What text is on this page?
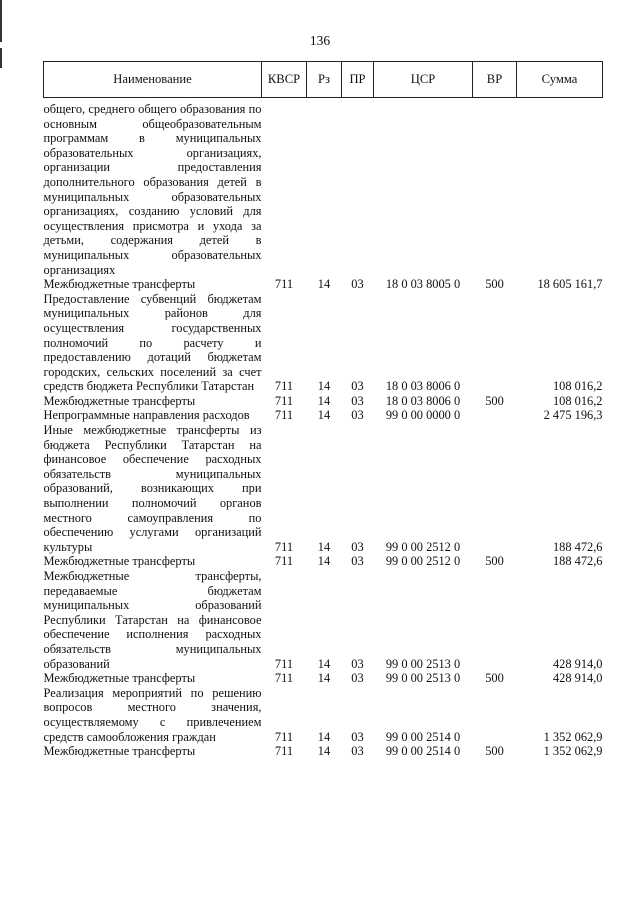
136
Наименование	КВСР	Рз	ПР	ЦСР	ВР	Сумма
общего, среднего общего образования по основным общеобразовательным программам в муниципальных образовательных организациях, организации предоставления дополнительного образования детей в муниципальных образовательных организациях, созданию условий для осуществления присмотра и ухода за детьми, содержания детей в муниципальных образовательных организациях						
Межбюджетные трансферты	711	14	03	18 0 03 8005 0	500	18 605 161,7
Предоставление субвенций бюджетам муниципальных районов для осуществления государственных полномочий по расчету и предоставлению дотаций бюджетам городских, сельских поселений за счет средств бюджета Республики Татарстан	711	14	03	18 0 03 8006 0		108 016,2
Межбюджетные трансферты	711	14	03	18 0 03 8006 0	500	108 016,2
Непрограммные направления расходов	711	14	03	99 0 00 0000 0		2 475 196,3
Иные межбюджетные трансферты из бюджета Республики Татарстан на финансовое обеспечение расходных обязательств муниципальных образований, возникающих при выполнении полномочий органов местного самоуправления по обеспечению услугами организаций культуры	711	14	03	99 0 00 2512 0		188 472,6
Межбюджетные трансферты	711	14	03	99 0 00 2512 0	500	188 472,6
Межбюджетные трансферты, передаваемые бюджетам муниципальных образований Республики Татарстан на финансовое обеспечение исполнения расходных обязательств муниципальных образований	711	14	03	99 0 00 2513 0		428 914,0
Межбюджетные трансферты	711	14	03	99 0 00 2513 0	500	428 914,0
Реализация мероприятий по решению вопросов местного значения, осуществляемому с привлечением средств самообложения граждан	711	14	03	99 0 00 2514 0		1 352 062,9
Межбюджетные трансферты	711	14	03	99 0 00 2514 0	500	1 352 062,9
